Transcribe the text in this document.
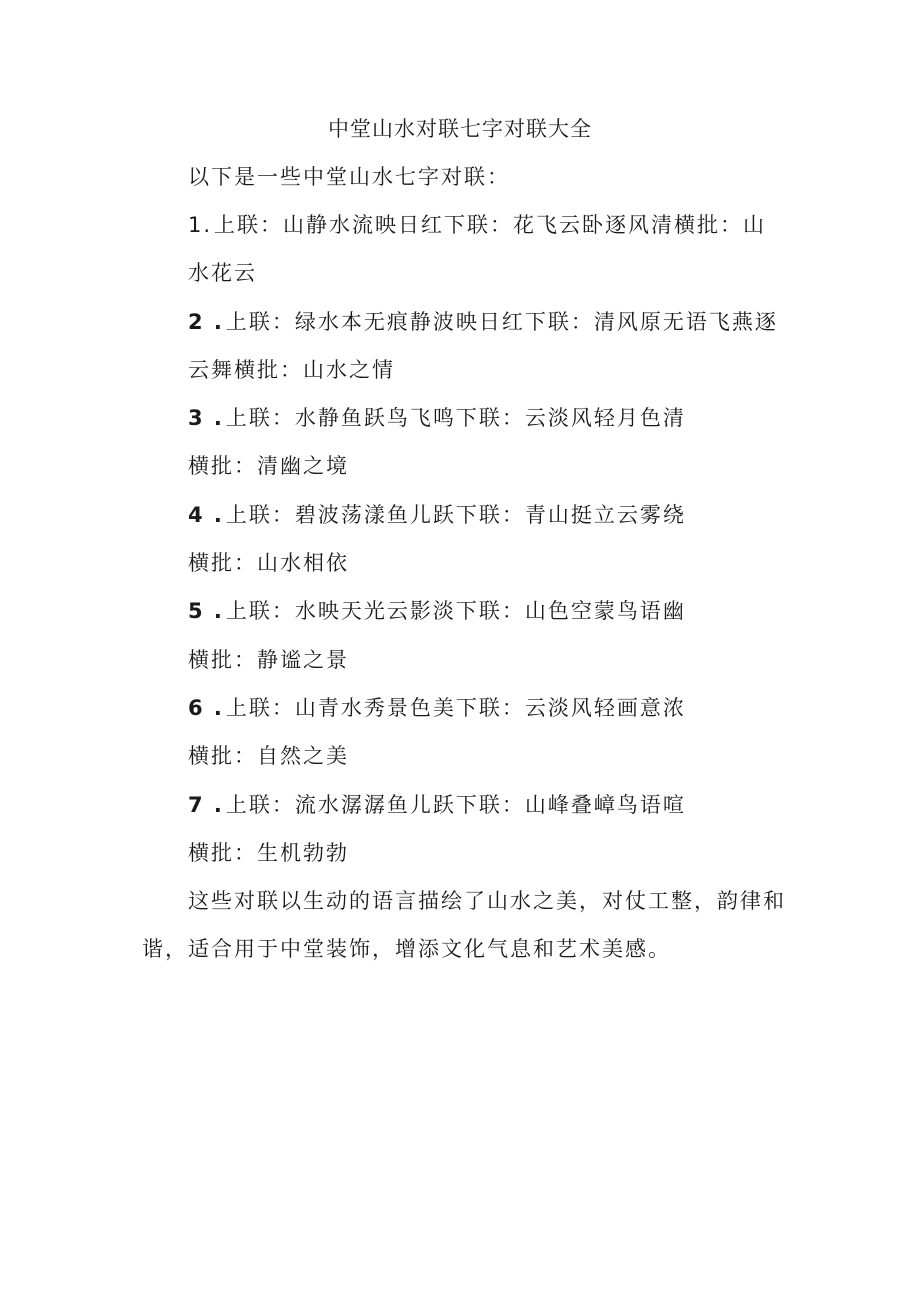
中堂山水对联七字对联大全
以下是一些中堂山水七字对联：
1.上联：山静水流映日红下联：花飞云卧逐风清横批：山
水花云
2 .上联：绿水本无痕静波映日红下联：清风原无语飞燕逐
云舞横批：山水之情
3 .上联：水静鱼跃鸟飞鸣下联：云淡风轻月色清
横批：清幽之境
4 .上联：碧波荡漾鱼儿跃下联：青山挺立云雾绕
横批：山水相依
5 .上联：水映天光云影淡下联：山色空蒙鸟语幽
横批：静谧之景
6 .上联：山青水秀景色美下联：云淡风轻画意浓
横批：自然之美
7 .上联：流水潺潺鱼儿跃下联：山峰叠嶂鸟语喧
横批：生机勃勃
这些对联以生动的语言描绘了山水之美，对仗工整，韵律和
谐，适合用于中堂装饰，增添文化气息和艺术美感。
